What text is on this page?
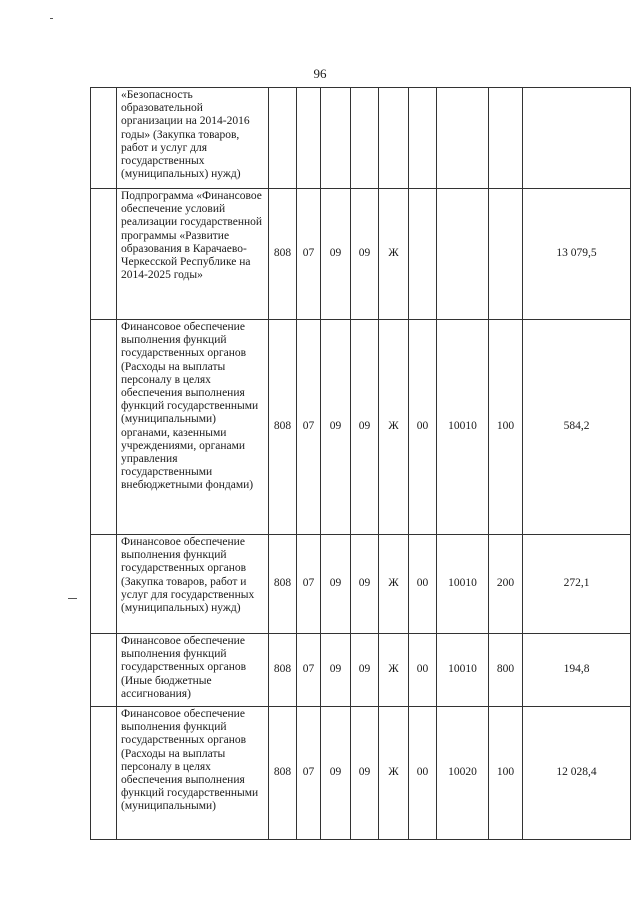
96
	«Безопасность образовательной организации на 2014-2016 годы» (Закупка товаров, работ и услуг для государственных (муниципальных) нужд)									
	Подпрограмма «Финансовое обеспечение условий реализации государственной программы «Развитие образования в Карачаево-Черкесской Республике на 2014-2025 годы»	808	07	09	09	Ж				13 079,5
	Финансовое обеспечение выполнения функций государственных органов (Расходы на выплаты персоналу в целях обеспечения выполнения функций государственными (муниципальными) органами, казенными учреждениями, органами управления государственными внебюджетными фондами)	808	07	09	09	Ж	00	10010	100	584,2
	Финансовое обеспечение выполнения функций государственных органов (Закупка товаров, работ и услуг для государственных (муниципальных) нужд)	808	07	09	09	Ж	00	10010	200	272,1
	Финансовое обеспечение выполнения функций государственных органов (Иные бюджетные ассигнования)	808	07	09	09	Ж	00	10010	800	194,8
	Финансовое обеспечение выполнения функций государственных органов (Расходы на выплаты персоналу в целях обеспечения выполнения функций государственными (муниципальными)	808	07	09	09	Ж	00	10020	100	12 028,4
